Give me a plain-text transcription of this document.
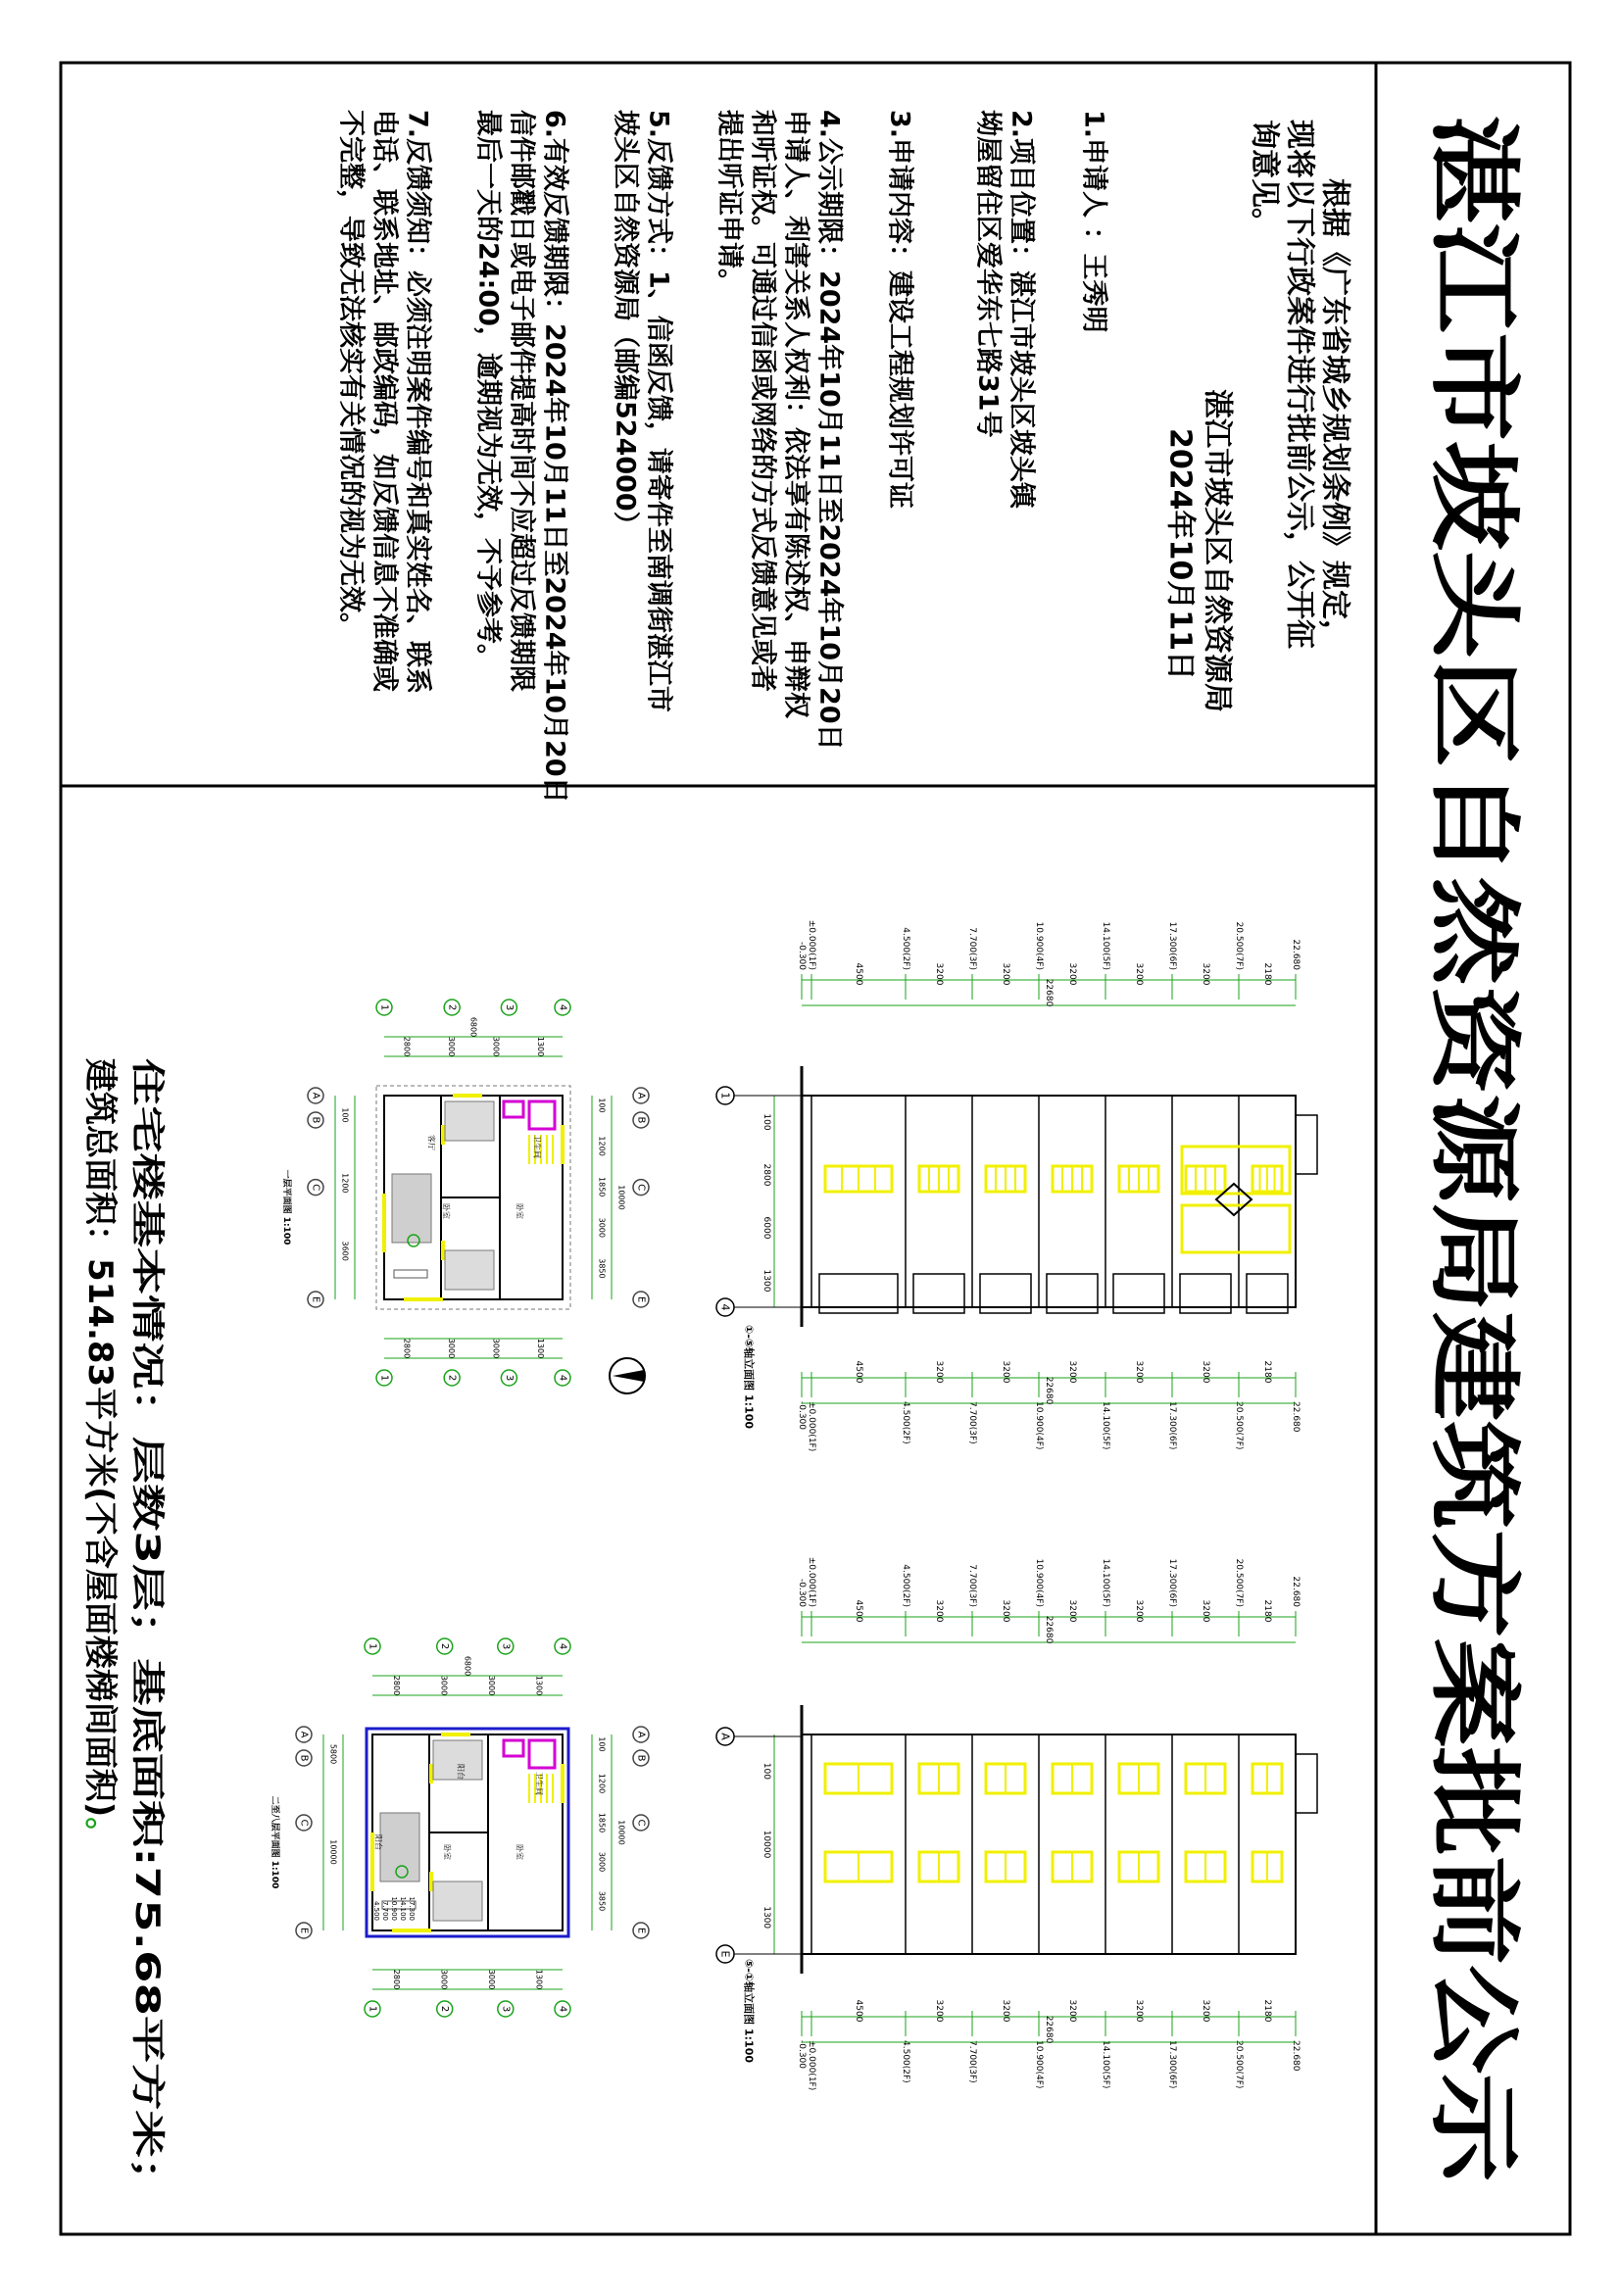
湛江市坡头区自然资源局建筑方案批前公示
根据《广东省城乡规划条例》规定，
现将以下行政案件进行批前公示，公开征
询意见。
湛江市坡头区自然资源局
2024年10月11日
1.申请人 ：王秀明
2.项目位置：湛江市坡头区坡头镇
坳屋留住区爱华东七路31号
3.申请内容：建设工程规划许可证
4.公示期限：2024年10月11日至2024年10月20日
申请人、利害关系人权利：依法享有陈述权、申辩权
和听证权。可通过信函或网络的方式反馈意见或者
提出听证申请。
5.反馈方式：1、信函反馈，请寄件至南调街湛江市
坡头区自然资源局（邮编524000）
6.有效反馈期限：2024年10月11日至2024年10月20日
信件邮戳日或电子邮件提高时间不应超过反馈期限
最后一天的24:00，逾期视为无效，不予参考。
7.反馈须知：必须注明案件编号和真实姓名、联系
电话、联系地址、邮政编码，如反馈信息不准确或
不完整，导致无法核实有关情况的视为无效。
-0.300
-0.300
±0.000(1F)
±0.000(1F)
4.500(2F)
4.500(2F)
7.700(3F)
7.700(3F)
10.900(4F)
10.900(4F)
14.100(5F)
14.100(5F)
17.300(6F)
17.300(6F)
20.500(7F)
20.500(7F)
22.680
22.680
4500	3200	3200	3200	3200	3200	2180
22680
4500	3200	3200	3200	3200	3200	2180
22680
1300
6000
2800
100
1
4
①-⑤轴立面图 1:100
-0.300
-0.300
±0.000(1F)
±0.000(1F)
4.500(2F)
4.500(2F)
7.700(3F)
7.700(3F)
10.900(4F)
10.900(4F)
14.100(5F)
14.100(5F)
17.300(6F)
17.300(6F)
20.500(7F)
20.500(7F)
22.680
22.680
4500	3200	3200	3200	3200	3200	2180
22680
4500	3200	3200	3200	3200	3200	2180
22680
1300
10000
100
A
E
⑤-①轴立面图 1:100
卫生间
卧室
卧室
客厅
100
1200
1850
3000
3850
10000
2800
2800
3000
3000
3000
3000
1300
1300
6800
100
1200
3600
1
1
2
2
3
3
4
4
A
A
B
B
C
C
E
E
一层平面图 1:100
卫生间
卧室
卧室
阳台
阳台
17.300
14.100
10.900
7.700
4.500
100
1200
1850
3000
3850
10000
2800
2800
3000
3000
3000
3000
1300
1300
6800
5800
10000
1
1
2
2
3
3
4
4
A
A
B
B
C
C
E
E
二至八层平面图 1:100
住宅楼基本情况：层数3层；基底面积:75.68平方米；
建筑总面积：514.83平方米(不含屋面楼梯间面积)。
